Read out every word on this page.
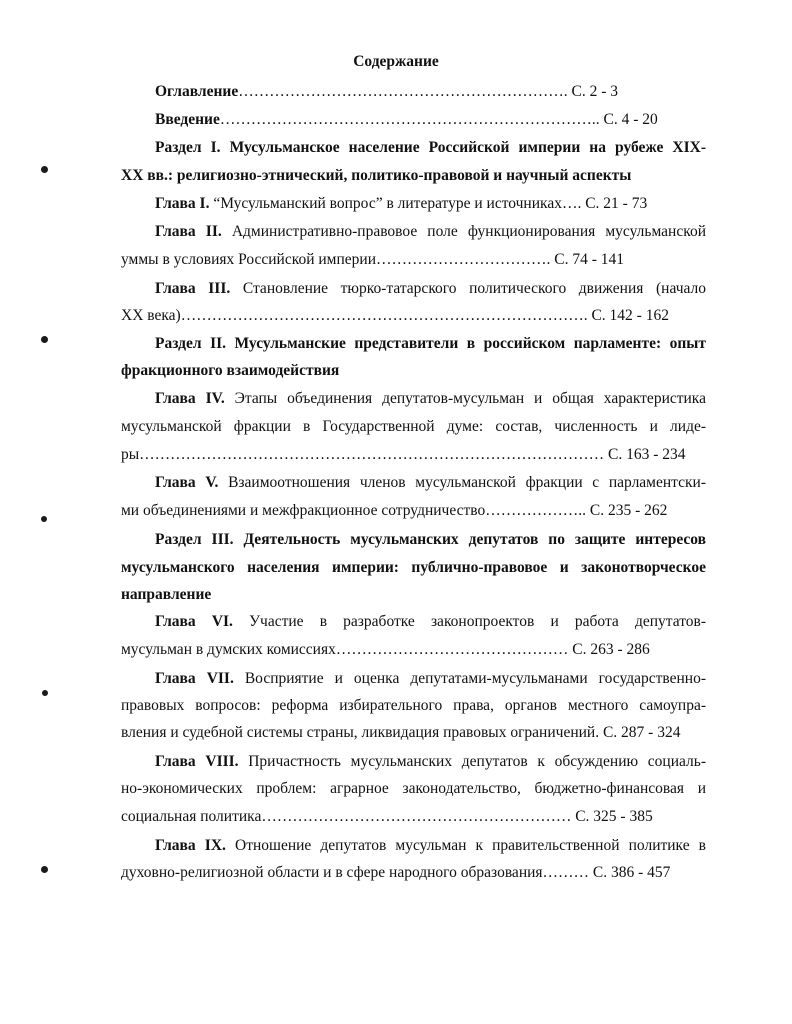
Содержание
Оглавление………………………………………………………. С. 2 - 3
Введение……………………………………………………………….. С. 4 - 20
Раздел I. Мусульманское население Российской империи на рубеже XIX-
XX вв.: религиозно-этнический, политико-правовой и научный аспекты
Глава I. “Мусульманский вопрос” в литературе и источниках…. С. 21 - 73
Глава II. Административно-правовое поле функционирования мусульманской
уммы в условиях Российской империи……………………………. С. 74 - 141
Глава III. Становление тюрко-татарского политического движения (начало
XX века)……………………………………………………………………. С. 142 - 162
Раздел II. Мусульманские представители в российском парламенте: опыт
фракционного взаимодействия
Глава IV. Этапы объединения депутатов-мусульман и общая характеристика
мусульманской фракции в Государственной думе: состав, численность и лиде-
ры……………………………………………………………………………… С. 163 - 234
Глава V. Взаимоотношения членов мусульманской фракции с парламентски-
ми объединениями и межфракционное сотрудничество……………….. С. 235 - 262
Раздел III. Деятельность мусульманских депутатов по защите интересов
мусульманского населения империи: публично-правовое и законотворческое
направление
Глава VI. Участие в разработке законопроектов и работа депутатов-
мусульман в думских комиссиях……………………………………… С. 263 - 286
Глава VII. Восприятие и оценка депутатами-мусульманами государственно-
правовых вопросов: реформа избирательного права, органов местного самоупра-
вления и судебной системы страны, ликвидация правовых ограничений. С. 287 - 324
Глава VIII. Причастность мусульманских депутатов к обсуждению социаль-
но-экономических проблем: аграрное законодательство, бюджетно-финансовая и
социальная политика…………………………………………………… С. 325 - 385
Глава IX. Отношение депутатов мусульман к правительственной политике в
духовно-религиозной области и в сфере народного образования……… С. 386 - 457
